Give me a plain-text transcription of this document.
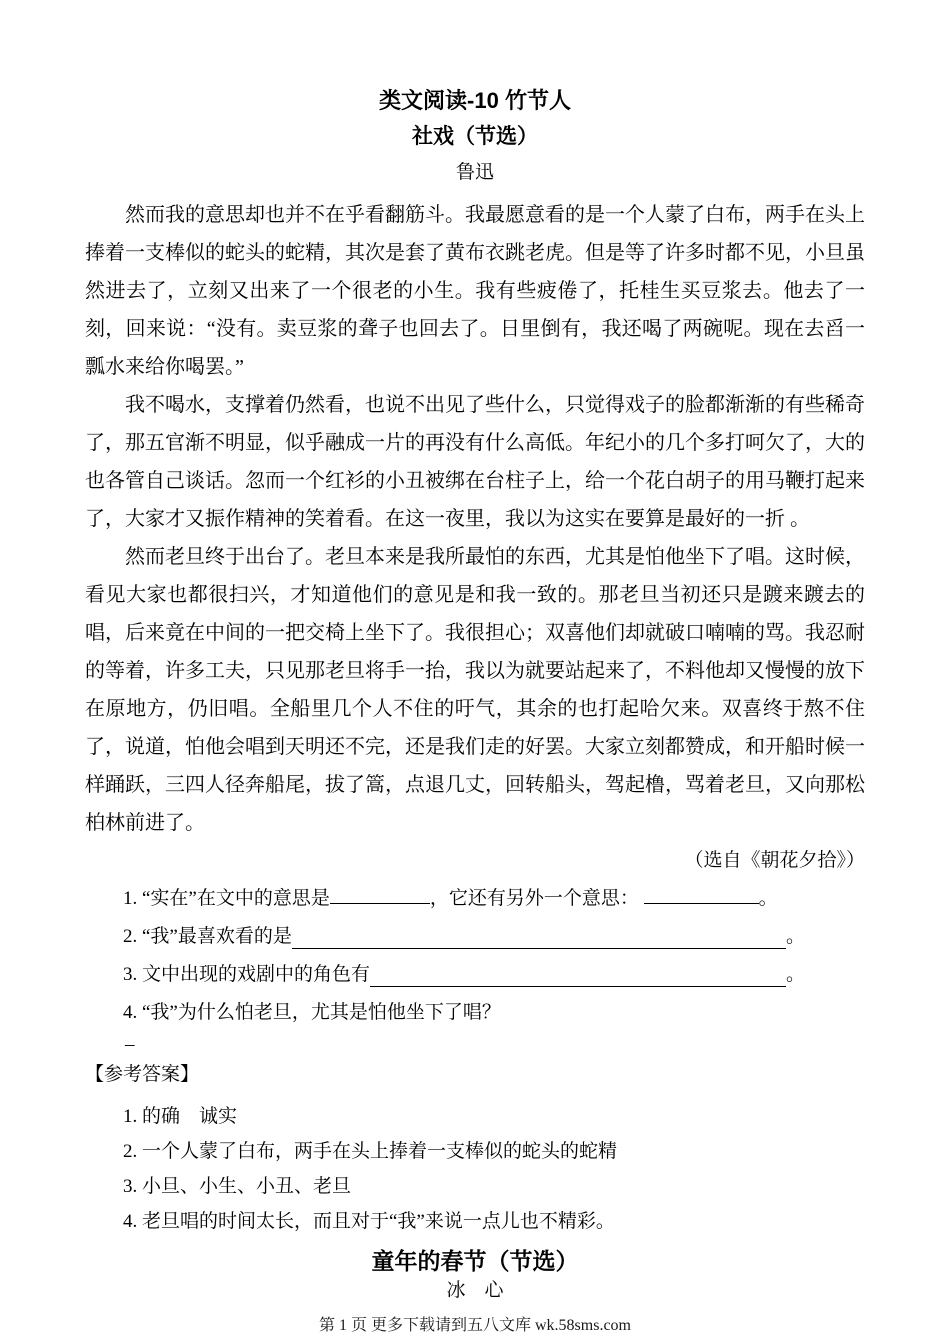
类文阅读-10 竹节人
社戏（节选）
鲁迅

然而我的意思却也并不在乎看翻筋斗。我最愿意看的是一个人蒙了白布，两手在头上捧着一支棒似的蛇头的蛇精，其次是套了黄布衣跳老虎。但是等了许多时都不见，小旦虽然进去了，立刻又出来了一个很老的小生。我有些疲倦了，托桂生买豆浆去。他去了一刻，回来说：“没有。卖豆浆的聋子也回去了。日里倒有，我还喝了两碗呢。现在去舀一瓢水来给你喝罢。”

我不喝水，支撑着仍然看，也说不出见了些什么，只觉得戏子的脸都渐渐的有些稀奇了，那五官渐不明显，似乎融成一片的再没有什么高低。年纪小的几个多打呵欠了，大的也各管自己谈话。忽而一个红衫的小丑被绑在台柱子上，给一个花白胡子的用马鞭打起来了，大家才又振作精神的笑着看。在这一夜里，我以为这实在要算是最好的一折 。

然而老旦终于出台了。老旦本来是我所最怕的东西，尤其是怕他坐下了唱。这时候，看见大家也都很扫兴，才知道他们的意见是和我一致的。那老旦当初还只是踱来踱去的唱，后来竟在中间的一把交椅上坐下了。我很担心；双喜他们却就破口喃喃的骂。我忍耐的等着，许多工夫，只见那老旦将手一抬，我以为就要站起来了，不料他却又慢慢的放下在原地方，仍旧唱。全船里几个人不住的吁气，其余的也打起哈欠来。双喜终于熬不住了，说道，怕他会唱到天明还不完，还是我们走的好罢。大家立刻都赞成，和开船时候一样踊跃，三四人径奔船尾，拔了篙，点退几丈，回转船头，驾起橹，骂着老旦，又向那松柏林前进了。

（选自《朝花夕拾》）
1. “实在”在文中的意思是	，它还有另外一个意思：	。
2. “我”最喜欢看的是	。
3. 文中出现的戏剧中的角色有	。
4. “我”为什么怕老旦，尤其是怕他坐下了唱？
–
【参考答案】
1. 的确　诚实
2. 一个人蒙了白布，两手在头上捧着一支棒似的蛇头的蛇精
3. 小旦、小生、小丑、老旦
4. 老旦唱的时间太长，而且对于“我”来说一点儿也不精彩。
童年的春节（节选）
冰　心
第 1 页 更多下载请到五八文库 wk.58sms.com
